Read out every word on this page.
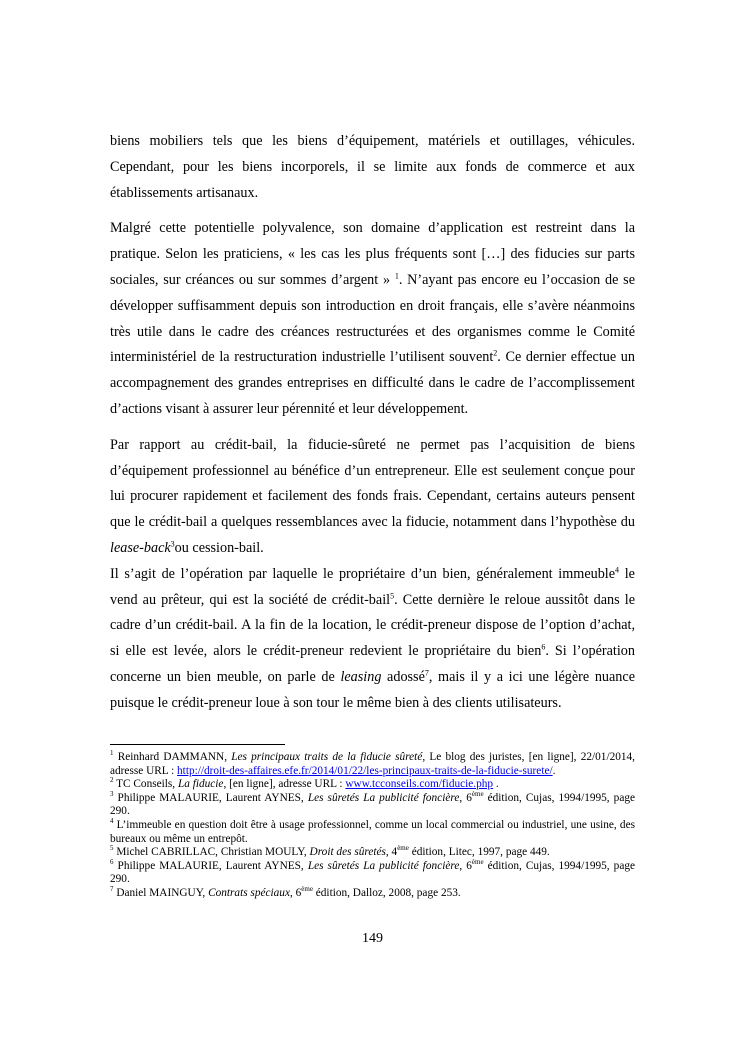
biens mobiliers tels que les biens d’équipement, matériels et outillages, véhicules. Cependant, pour les biens incorporels, il se limite aux fonds de commerce et aux établissements artisanaux.

Malgré cette potentielle polyvalence, son domaine d’application est restreint dans la pratique. Selon les praticiens, « les cas les plus fréquents sont […] des fiducies sur parts sociales, sur créances ou sur sommes d’argent » $^1$. N’ayant pas encore eu l’occasion de se développer suffisamment depuis son introduction en droit français, elle s’avère néanmoins très utile dans le cadre des créances restructurées et des organismes comme le Comité interministériel de la restructuration industrielle l’utilisent souvent$^2$. Ce dernier effectue un accompagnement des grandes entreprises en difficulté dans le cadre de l’accomplissement d’actions visant à assurer leur pérennité et leur développement.

Par rapport au crédit-bail, la fiducie-sûreté ne permet pas l’acquisition de biens d’équipement professionnel au bénéfice d’un entrepreneur. Elle est seulement conçue pour lui procurer rapidement et facilement des fonds frais. Cependant, certains auteurs pensent que le crédit-bail a quelques ressemblances avec la fiducie, notamment dans l’hypothèse du lease-back$^3$ou cession-bail.

Il s’agit de l’opération par laquelle le propriétaire d’un bien, généralement immeuble$^4$ le vend au prêteur, qui est la société de crédit-bail$^5$. Cette dernière le reloue aussitôt dans le cadre d’un crédit-bail. A la fin de la location, le crédit-preneur dispose de l’option d’achat, si elle est levée, alors le crédit-preneur redevient le propriétaire du bien$^6$. Si l’opération concerne un bien meuble, on parle de leasing adossé$^7$, mais il y a ici une légère nuance puisque le crédit-preneur loue à son tour le même bien à des clients utilisateurs.

$^1$ Reinhard DAMMANN, Les principaux traits de la fiducie sûreté, Le blog des juristes, [en ligne], 22/01/2014, adresse URL : http://droit-des-affaires.efe.fr/2014/01/22/les-principaux-traits-de-la-fiducie-surete/.

$^2$ TC Conseils, La fiducie, [en ligne], adresse URL : www.tcconseils.com/fiducie.php .

$^3$ Philippe MALAURIE, Laurent AYNES, Les sûretés La publicité foncière, 6ème édition, Cujas, 1994/1995, page 290.

$^4$ L’immeuble en question doit être à usage professionnel, comme un local commercial ou industriel, une usine, des bureaux ou même un entrepôt.

$^5$ Michel CABRILLAC, Christian MOULY, Droit des sûretés, 4ème édition, Litec, 1997, page 449.

$^6$ Philippe MALAURIE, Laurent AYNES, Les sûretés La publicité foncière, 6ème édition, Cujas, 1994/1995, page 290.

$^7$ Daniel MAINGUY, Contrats spéciaux, 6ème édition, Dalloz, 2008, page 253.

149
